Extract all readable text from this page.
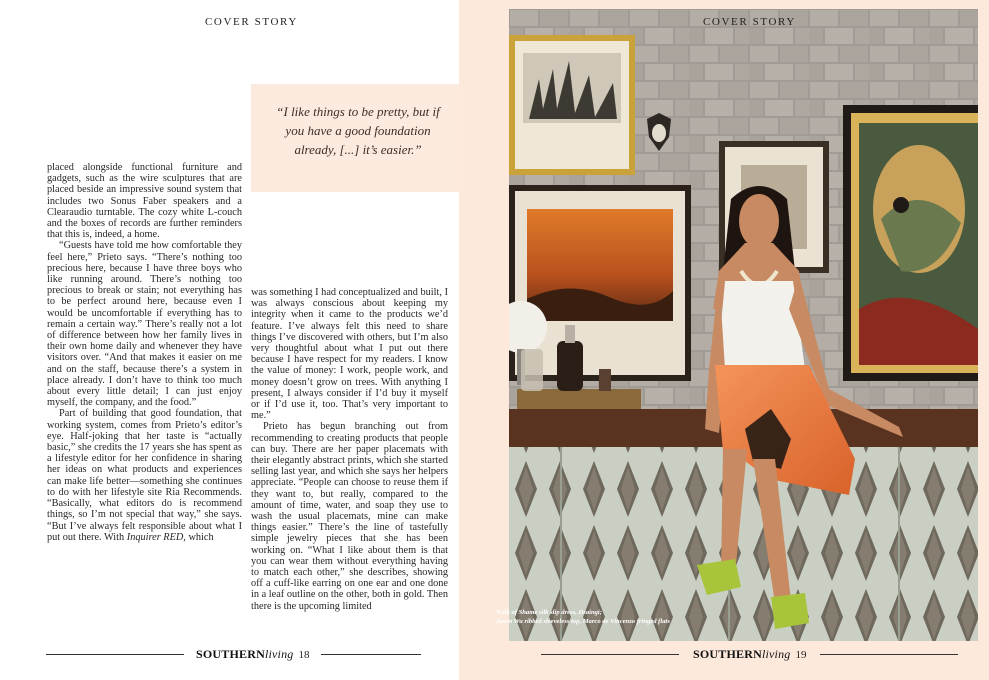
COVER STORY
“I like things to be pretty, but if you have a good foundation already, [...] it’s easier.”

placed alongside functional furniture and gadgets, such as the wire sculptures that are placed beside an impressive sound system that includes two Sonus Faber speakers and a Clearaudio turntable. The cozy white L-couch and the boxes of records are further reminders that this is, indeed, a home.

“Guests have told me how comfortable they feel here,” Prieto says. “There’s nothing too precious here, because I have three boys who like running around. There’s nothing too precious to break or stain; not everything has to be perfect around here, because even I would be uncomfortable if everything has to remain a certain way.” There’s really not a lot of difference between how her family lives in their own home daily and whenever they have visitors over. “And that makes it easier on me and on the staff, because there’s a system in place already. I don’t have to think too much about every little detail; I can just enjoy myself, the company, and the food.”

Part of building that good foundation, that working system, comes from Prieto’s editor’s eye. Half-joking that her taste is “actually basic,” she credits the 17 years she has spent as a lifestyle editor for her confidence in sharing her ideas on what products and experiences can make life better—something she continues to do with her lifestyle site Ria Recommends. “Basically, what editors do is recommend things, so I’m not special that way,” she says. “But I’ve always felt responsible about what I put out there. With Inquirer RED, which

was something I had conceptualized and built, I was always conscious about keeping my integrity when it came to the products we’d feature. I’ve always felt this need to share things I’ve discovered with others, but I’m also very thoughtful about what I put out there because I have respect for my readers. I know the value of money: I work, people work, and money doesn’t grow on trees. With anything I present, I always consider if I’d buy it myself or if I’d use it, too. That’s very important to me.”

Prieto has begun branching out from recommending to creating products that people can buy. There are her paper placemats with their elegantly abstract prints, which she started selling last year, and which she says her helpers appreciate. “People can choose to reuse them if they want to, but really, compared to the amount of time, water, and soap they use to wash the usual placemats, mine can make things easier.” There’s the line of tastefully simple jewelry pieces that she has been working on. “What I like about them is that you can wear them without everything having to match each other,” she describes, showing off a cuff-like earring on one ear and one done in a leaf outline on the other, both in gold. Then there is the upcoming limited

SOUTHERNliving 18
COVER STORY
Walk of Shame silk slip dress, Dzaingi;
Jason Wu ribbed sleeveless top, Marco de Vincenzo fringed flats
SOUTHERNliving 19
